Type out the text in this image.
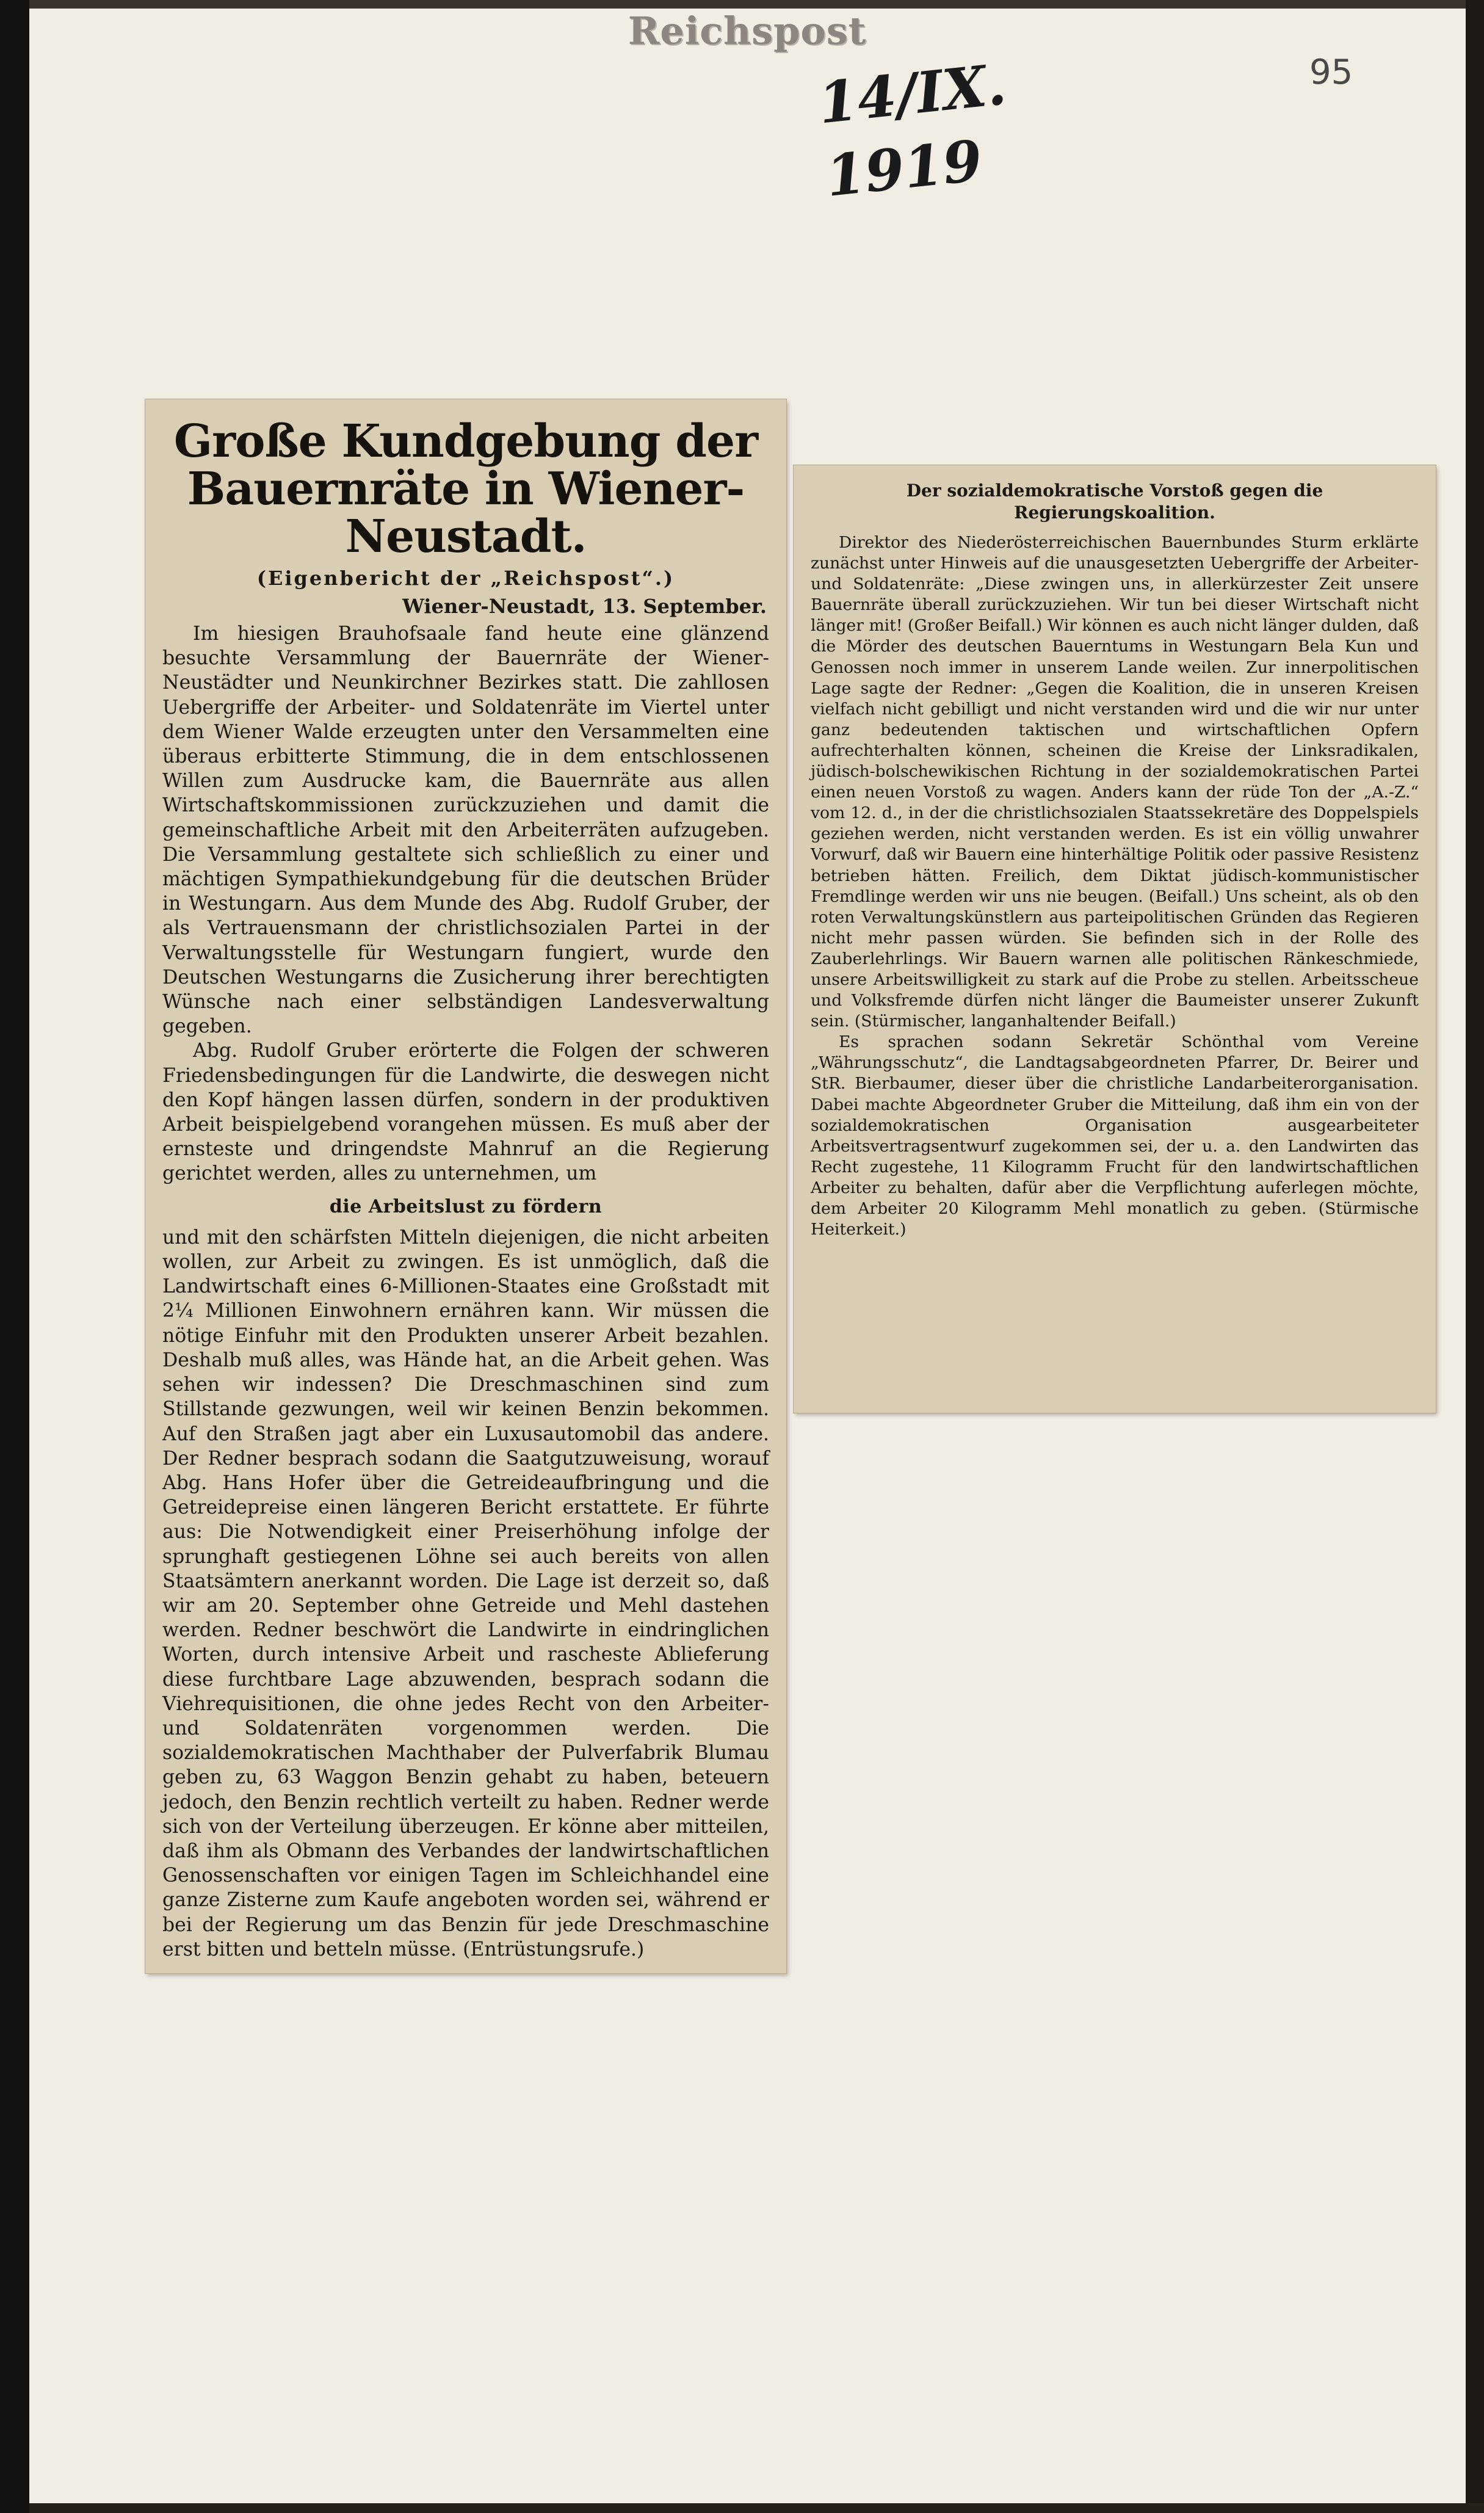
Reichspost
14/IX. 1919
95
Große Kundgebung der Bauernräte in Wiener-Neustadt.
(Eigenbericht der „Reichspost“.)
Wiener-Neustadt, 13. September.

Im hiesigen Brauhofsaale fand heute eine glänzend besuchte Versammlung der Bauernräte der Wiener-Neustädter und Neunkirchner Bezirkes statt. Die zahllosen Uebergriffe der Arbeiter- und Soldatenräte im Viertel unter dem Wiener Walde erzeugten unter den Versammelten eine überaus erbitterte Stimmung, die in dem entschlossenen Willen zum Ausdrucke kam, die Bauernräte aus allen Wirtschaftskommissionen zurückzuziehen und damit die gemeinschaftliche Arbeit mit den Arbeiterräten aufzugeben. Die Versammlung gestaltete sich schließlich zu einer und mächtigen Sympathiekundgebung für die deutschen Brüder in Westungarn. Aus dem Munde des Abg. Rudolf Gruber, der als Vertrauensmann der christlichsozialen Partei in der Verwaltungsstelle für Westungarn fungiert, wurde den Deutschen Westungarns die Zusicherung ihrer berechtigten Wünsche nach einer selbständigen Landesverwaltung gegeben.

Abg. Rudolf Gruber erörterte die Folgen der schweren Friedensbedingungen für die Landwirte, die deswegen nicht den Kopf hängen lassen dürfen, sondern in der produktiven Arbeit beispielgebend vorangehen müssen. Es muß aber der ernsteste und dringendste Mahnruf an die Regierung gerichtet werden, alles zu unternehmen, um

die Arbeitslust zu fördern

und mit den schärfsten Mitteln diejenigen, die nicht arbeiten wollen, zur Arbeit zu zwingen. Es ist unmöglich, daß die Landwirtschaft eines 6-Millionen-Staates eine Großstadt mit 2¼ Millionen Einwohnern ernähren kann. Wir müssen die nötige Einfuhr mit den Produkten unserer Arbeit bezahlen. Deshalb muß alles, was Hände hat, an die Arbeit gehen. Was sehen wir indessen? Die Dreschmaschinen sind zum Stillstande gezwungen, weil wir keinen Benzin bekommen. Auf den Straßen jagt aber ein Luxusautomobil das andere. Der Redner besprach sodann die Saatgutzuweisung, worauf Abg. Hans Hofer über die Getreideaufbringung und die Getreidepreise einen längeren Bericht erstattete. Er führte aus: Die Notwendigkeit einer Preiserhöhung infolge der sprunghaft gestiegenen Löhne sei auch bereits von allen Staatsämtern anerkannt worden. Die Lage ist derzeit so, daß wir am 20. September ohne Getreide und Mehl dastehen werden. Redner beschwört die Landwirte in eindringlichen Worten, durch intensive Arbeit und rascheste Ablieferung diese furchtbare Lage abzuwenden, besprach sodann die Viehrequisitionen, die ohne jedes Recht von den Arbeiter- und Soldatenräten vorgenommen werden. Die sozialdemokratischen Machthaber der Pulverfabrik Blumau geben zu, 63 Waggon Benzin gehabt zu haben, beteuern jedoch, den Benzin rechtlich verteilt zu haben. Redner werde sich von der Verteilung überzeugen. Er könne aber mitteilen, daß ihm als Obmann des Verbandes der landwirtschaftlichen Genossenschaften vor einigen Tagen im Schleichhandel eine ganze Zisterne zum Kaufe angeboten worden sei, während er bei der Regierung um das Benzin für jede Dreschmaschine erst bitten und betteln müsse. (Entrüstungsrufe.)

Der sozialdemokratische Vorstoß gegen die Regierungskoalition.

Direktor des Niederösterreichischen Bauernbundes Sturm erklärte zunächst unter Hinweis auf die unausgesetzten Uebergriffe der Arbeiter- und Soldatenräte: „Diese zwingen uns, in allerkürzester Zeit unsere Bauernräte überall zurückzuziehen. Wir tun bei dieser Wirtschaft nicht länger mit! (Großer Beifall.) Wir können es auch nicht länger dulden, daß die Mörder des deutschen Bauerntums in Westungarn Bela Kun und Genossen noch immer in unserem Lande weilen. Zur innerpolitischen Lage sagte der Redner: „Gegen die Koalition, die in unseren Kreisen vielfach nicht gebilligt und nicht verstanden wird und die wir nur unter ganz bedeutenden taktischen und wirtschaftlichen Opfern aufrechterhalten können, scheinen die Kreise der Linksradikalen, jüdisch-bolschewikischen Richtung in der sozialdemokratischen Partei einen neuen Vorstoß zu wagen. Anders kann der rüde Ton der „A.-Z.“ vom 12. d., in der die christlichsozialen Staatssekretäre des Doppelspiels geziehen werden, nicht verstanden werden. Es ist ein völlig unwahrer Vorwurf, daß wir Bauern eine hinterhältige Politik oder passive Resistenz betrieben hätten. Freilich, dem Diktat jüdisch-kommunistischer Fremdlinge werden wir uns nie beugen. (Beifall.) Uns scheint, als ob den roten Verwaltungskünstlern aus parteipolitischen Gründen das Regieren nicht mehr passen würden. Sie befinden sich in der Rolle des Zauberlehrlings. Wir Bauern warnen alle politischen Ränkeschmiede, unsere Arbeitswilligkeit zu stark auf die Probe zu stellen. Arbeitsscheue und Volksfremde dürfen nicht länger die Baumeister unserer Zukunft sein. (Stürmischer, langanhaltender Beifall.)

Es sprachen sodann Sekretär Schönthal vom Vereine „Währungsschutz“, die Landtagsabgeordneten Pfarrer, Dr. Beirer und StR. Bierbaumer, dieser über die christliche Landarbeiterorganisation. Dabei machte Abgeordneter Gruber die Mitteilung, daß ihm ein von der sozialdemokratischen Organisation ausgearbeiteter Arbeitsvertragsentwurf zugekommen sei, der u. a. den Landwirten das Recht zugestehe, 11 Kilogramm Frucht für den landwirtschaftlichen Arbeiter zu behalten, dafür aber die Verpflichtung auferlegen möchte, dem Arbeiter 20 Kilogramm Mehl monatlich zu geben. (Stürmische Heiterkeit.)
